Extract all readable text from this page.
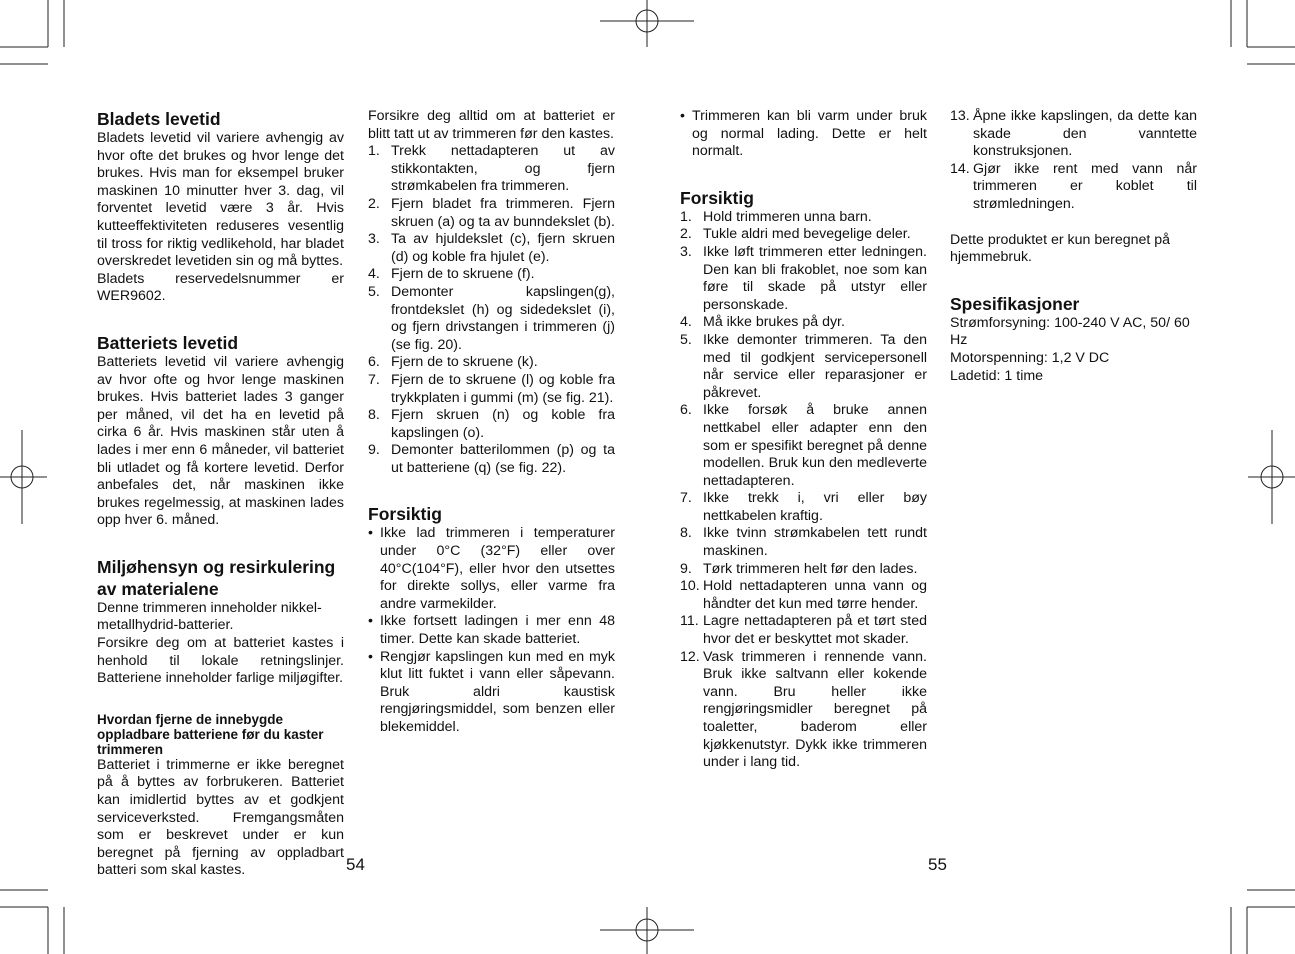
Bladets levetid

Bladets levetid vil variere avhengig av hvor ofte det brukes og hvor lenge det brukes. Hvis man for eksempel bruker maskinen 10 minutter hver 3. dag, vil forventet levetid være 3 år. Hvis kutteeffektiviteten reduseres vesentlig til tross for riktig vedlikehold, har bladet overskredet levetiden sin og må byttes.

Bladets reservedelsnummer er WER9602.

Batteriets levetid

Batteriets levetid vil variere avhengig av hvor ofte og hvor lenge maskinen brukes. Hvis batteriet lades 3 ganger per måned, vil det ha en levetid på cirka 6 år. Hvis maskinen står uten å lades i mer enn 6 måneder, vil batteriet bli utladet og få kortere levetid. Derfor anbefales det, når maskinen ikke brukes regelmessig, at maskinen lades opp hver 6. måned.

Miljøhensyn og resirkulering av materialene

Denne trimmeren inneholder nikkel-metallhydrid-batterier.

Forsikre deg om at batteriet kastes i henhold til lokale retningslinjer. Batteriene inneholder farlige miljøgifter.

Hvordan fjerne de innebygde oppladbare batteriene før du kaster trimmeren

Batteriet i trimmerne er ikke beregnet på å byttes av forbrukeren. Batteriet kan imidlertid byttes av et godkjent serviceverksted. Fremgangsmåten som er beskrevet under er kun beregnet på fjerning av oppladbart batteri som skal kastes.

Forsikre deg alltid om at batteriet er blitt tatt ut av trimmeren før den kastes.

1. Trekk nettadapteren ut av stikkontakten, og fjern strømkabelen fra trimmeren.
2. Fjern bladet fra trimmeren. Fjern skruen (a) og ta av bunndekslet (b).
3. Ta av hjuldekslet (c), fjern skruen (d) og koble fra hjulet (e).
4. Fjern de to skruene (f).
5. Demonter kapslingen(g), frontdekslet (h) og sidedekslet (i), og fjern drivstangen i trimmeren (j) (se fig. 20).
6. Fjern de to skruene (k).
7. Fjern de to skruene (l) og koble fra trykkplaten i gummi (m) (se fig. 21).
8. Fjern skruen (n) og koble fra kapslingen (o).
9. Demonter batterilommen (p) og ta ut batteriene (q) (se fig. 22).
Forsiktig
• Ikke lad trimmeren i temperaturer under 0°C (32°F) eller over 40°C(104°F), eller hvor den utsettes for direkte sollys, eller varme fra andre varmekilder.
• Ikke fortsett ladingen i mer enn 48 timer. Dette kan skade batteriet.
• Rengjør kapslingen kun med en myk klut litt fuktet i vann eller såpevann. Bruk aldri kaustisk rengjøringsmiddel, som benzen eller blekemiddel.
• Trimmeren kan bli varm under bruk og normal lading. Dette er helt normalt.
Forsiktig
1. Hold trimmeren unna barn.
2. Tukle aldri med bevegelige deler.
3. Ikke løft trimmeren etter ledningen. Den kan bli frakoblet, noe som kan føre til skade på utstyr eller personskade.
4. Må ikke brukes på dyr.
5. Ikke demonter trimmeren. Ta den med til godkjent servicepersonell når service eller reparasjoner er påkrevet.
6. Ikke forsøk å bruke annen nettkabel eller adapter enn den som er spesifikt beregnet på denne modellen. Bruk kun den medleverte nettadapteren.
7. Ikke trekk i, vri eller bøy nettkabelen kraftig.
8. Ikke tvinn strømkabelen tett rundt maskinen.
9. Tørk trimmeren helt før den lades.
10. Hold nettadapteren unna vann og håndter det kun med tørre hender.
11. Lagre nettadapteren på et tørt sted hvor det er beskyttet mot skader.
12. Vask trimmeren i rennende vann. Bruk ikke saltvann eller kokende vann. Bru heller ikke rengjøringsmidler beregnet på toaletter, baderom eller kjøkkenutstyr. Dykk ikke trimmeren under i lang tid.
13. Åpne ikke kapslingen, da dette kan skade den vanntette konstruksjonen.
14. Gjør ikke rent med vann når trimmeren er koblet til strømledningen.

Dette produktet er kun beregnet på hjemmebruk.

Spesifikasjoner

Strømforsyning: 100-240 V AC, 50/ 60 Hz

Motorspenning: 1,2 V DC

Ladetid: 1 time

54	55
